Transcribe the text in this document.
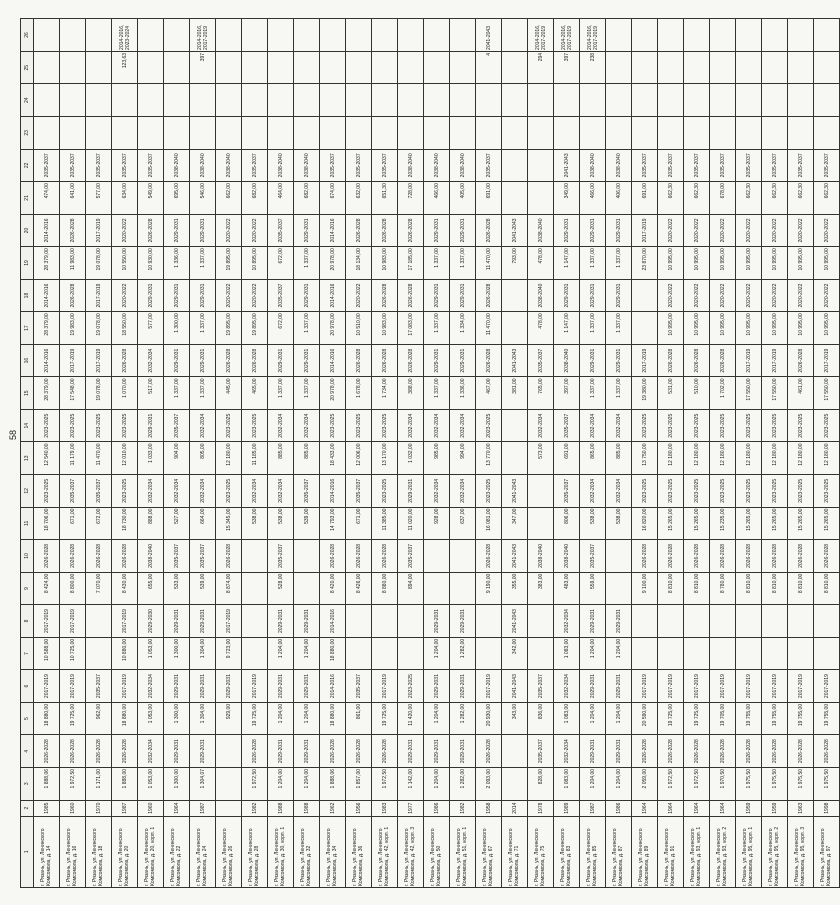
58
1	2	3	4	5	6	7	8	9	10	11	12	13	14	15	16	17	18	19	20	21	22	23	24	25	26
г. Рязань, ул. Ленинского Комсомола, д. 14	1985	1 888,06	2026-2028	18 880,00	2017-2019	10 588,00	2017-2019	8 424,00	2026-2028	18 706,00	2023-2025	12 540,00	2023-2025	28 379,00	2014-2016	28 379,00	2014-2016	28 379,00	2014-2016	474,00	2035-2037				
г. Рязань, ул. Ленинского Комсомола, д. 16	1960	1 972,50	2026-2028	19 725,00	2017-2019	10 725,00	2017-2019	8 800,00	2026-2028	671,00	2035-2037	11 179,00	2023-2025	17 548,00	2017-2019	19 983,00	2026-2028	11 983,00	2026-2028	641,00	2035-2037				
г. Рязань, ул. Ленинского Комсомола, д. 18	1970	1 171,00	2026-2028	962,00	2035-2037			7 070,00	2026-2028	672,00	2035-2037	11 470,00	2023-2025	19 078,00	2017-2019	19 078,00	2017-2019	19 078,00	2017-2019	577,00	2035-2037				
г. Рязань, ул. Ленинского Комсомола, д. 20	1987	1 888,00	2026-2028	18 880,00	2017-2019	10 880,00	2017-2019	8 430,00	2026-2028	18 730,00	2023-2025	12 010,00	2023-2025	1 070,00	2026-2028	18 550,00	2020-2022	10 550,00	2020-2022	634,00	2035-2037			123,63	2014-2016, 2023-2024
г. Рязань, ул. Ленинского Комсомола, д. 20, корп. 1	1960	1 053,00	2032-2034	1 053,00	2032-2034	1 053,00	2029-2030	655,00	2038-2040	888,00	2032-2034	1 033,00	2029-2031	517,00	2032-2034	577,00	2029-2031	10 930,00	2026-2028	549,00	2035-2037				
г. Рязань, ул. Ленинского Комсомола, д. 22	1964	1 300,00	2029-2031	1 300,00	2029-2031	1 300,00	2029-2031	533,00	2035-2037	527,00	2032-2034	904,00	2035-2037	1 337,00	2029-2031	1 300,00	2029-2031	1 336,00	2029-2031	695,00	2038-2040				
г. Рязань, ул. Ленинского Комсомола, д. 24	1987	1 304,07	2029-2031	1 304,00	2029-2031	1 304,00	2029-2031	539,00	2035-2037	664,00	2032-2034	805,00	2032-2034	1 337,00	2029-2031	1 337,00	2029-2031	1 337,00	2029-2031	546,00	2038-2040			397	2014-2016, 2017-2019
г. Рязань, ул. Ленинского Комсомола, д. 26				929,00	2029-2031	9 723,00	2017-2019	8 874,00	2026-2028	15 345,00	2023-2025	12 180,00	2023-2025	445,00	2026-2028	19 895,00	2020-2022	19 895,00	2020-2022	662,00	2038-2040				
г. Рязань, ул. Ленинского Комсомола, д. 28	1982	1 972,50	2026-2028	19 725,00	2017-2019					538,00	2032-2034	11 185,00	2023-2025	465,00	2026-2028	19 895,00	2020-2022	10 895,00	2020-2022	682,00	2035-2037				
г. Рязань, ул. Ленинского Комсомола, д. 30, корп. 1	1988	1 204,00	2029-2031	1 204,00	2029-2031	1 204,00	2029-2031	528,00	2035-2037	538,00	2032-2034	885,00	2032-2034	1 337,00	2029-2031	672,00	2035-2037	672,00	2035-2037	464,00	2038-2040				
г. Рязань, ул. Ленинского Комсомола, д. 32	1988	1 204,00	2029-2031	1 204,00	2029-2031	1 204,00	2029-2031			539,00	2035-2037	885,00	2032-2034	1 337,00	2029-2031	1 337,00	2029-2031	1 337,00	2029-2031	682,00	2038-2040				
г. Рязань, ул. Ленинского Комсомола, д. 34	1962	1 888,06	2026-2028	18 880,00	2014-2016	18 880,00	2014-2016	8 420,00	2026-2028	14 793,00	2014-2016	18 433,00	2023-2025	20 978,00	2014-2016	20 978,00	2014-2016	20 978,00	2014-2016	674,00	2035-2037				
г. Рязань, ул. Ленинского Комсомола, д. 36	1956	1 857,00	2026-2028	861,00	2035-2037			8 426,00	2026-2028	671,00	2035-2037	12 006,00	2023-2025	1 678,00	2026-2028	10 510,00	2020-2022	18 134,00	2026-2028	632,00	2035-2037				
г. Рязань, ул. Ленинского Комсомола, д. 42, корп. 1	1983	1 972,50	2026-2028	19 725,00	2017-2019			8 880,00	2026-2028	11 385,00	2023-2025	13 170,00	2023-2025	1 734,00	2026-2028	10 983,00	2026-2028	10 983,00	2026-2028	651,30	2035-2037				
г. Рязань, ул. Ленинского Комсомола, д. 42, корп. 3	1977	1 142,00	2029-2031	11 420,00	2023-2025			894,00	2035-2037	11 020,00	2029-2031	1 032,00	2032-2034	388,00	2026-2028	17 083,00	2026-2028	17 185,00	2026-2028	728,00	2038-2040				
г. Рязань, ул. Ленинского Комсомола, д. 50	1986	1 204,00	2029-2031	1 204,00	2029-2031	1 204,00	2029-2031			928,00	2032-2034	985,00	2032-2034	1 337,00	2029-2031	1 337,00	2029-2031	1 337,00	2029-2031	466,00	2038-2040				
г. Рязань, ул. Ленинского Комсомола, д. 51, корп. 1	1982	1 282,00	2029-2031	1 282,00	2029-2031	1 282,00	2029-2031			637,00	2032-2034	994,00	2032-2034	1 336,00	2029-2031	1 334,00	2029-2031	1 337,00	2029-2031	405,00	2038-2040				
г. Рязань, ул. Ленинского Комсомола, д. 67	1958	2 093,00	2026-2028	20 930,00	2017-2019			9 190,00	2026-2028	16 081,00	2023-2025	13 770,00	2023-2025	467,00	2026-2028	11 470,00	2026-2028	11 470,00	2026-2028	691,00	2035-2037			4	2041-2043
г. Рязань, ул. Ленинского Комсомола, д. 71	2014			343,00	2041-2043	342,00	2041-2043	355,00	2041-2043	347,00	2041-2043			381,00	2041-2043			793,00	2041-2043						
г. Рязань, ул. Ленинского Комсомола, д. 75	1978	828,00	2035-2037	836,00	2035-2037			383,00	2038-2040			573,00	2032-2034	765,00	2035-2037	478,00	2038-2040	478,00	2038-2040					294	2014-2016, 2017-2019
г. Рязань, ул. Ленинского Комсомола, д. 83	1989	1 083,00	2032-2034	1 083,00	2032-2034	1 083,00	2032-2034	483,00	2038-2040	806,00	2035-2037	691,00	2035-2037	397,00	2038-2040	1 147,00	2029-2031	1 147,00	2029-2031	349,00	2041-2043			397	2014-2016, 2017-2019
г. Рязань, ул. Ленинского Комсомола, д. 85	1987	1 204,00	2029-2031	1 204,00	2029-2031	1 204,00	2029-2031	559,00	2035-2037	538,00	2032-2034	865,00	2032-2034	1 337,00	2029-2031	1 337,00	2029-2031	1 337,00	2029-2031	466,00	2038-2040			238	2014-2016, 2017-2019
г. Рязань, ул. Ленинского Комсомола, д. 87	1986	1 204,00	2029-2031	1 204,00	2029-2031	1 204,00	2029-2031			538,00	2032-2034	885,00	2032-2034	1 337,00	2029-2031	1 337,00	2029-2031	1 337,00	2029-2031	406,00	2038-2040				
г. Рязань, ул. Ленинского Комсомола, д. 89	1964	2 059,00	2026-2028	20 590,00	2017-2019			9 100,00	2026-2028	16 820,00	2023-2025	13 750,00	2023-2025	19 380,00	2017-2019			23 870,00	2017-2019	691,00	2035-2037				
г. Рязань, ул. Ленинского Комсомола, д. 91	1964	1 972,50	2026-2028	19 725,00	2017-2019			8 810,00	2026-2028	15 265,00	2023-2025	12 180,00	2023-2025	531,00	2026-2028	10 995,00	2020-2022	10 995,00	2020-2022	662,30	2035-2037				
г. Рязань, ул. Ленинского Комсомола, д. 93, корп. 1	1964	1 972,50	2026-2028	19 725,00	2017-2019			8 810,00	2026-2028	15 265,00	2023-2025	12 180,00	2023-2025	510,00	2026-2028	10 995,00	2020-2022	10 995,00	2020-2022	662,30	2035-2037				
г. Рязань, ул. Ленинского Комсомола, д. 93, корп. 2	1964	1 970,50	2026-2028	19 705,00	2017-2019			8 780,00	2026-2028	15 235,00	2023-2025	12 180,00	2023-2025	1 702,00	2026-2028	10 995,00	2020-2022	10 995,00	2020-2022	678,00	2035-2037				
г. Рязань, ул. Ленинского Комсомола, д. 95, корп. 1	1959	1 975,50	2026-2028	19 755,00	2017-2019			8 810,00	2026-2028	15 265,00	2023-2025	12 180,00	2023-2025	17 550,00	2017-2019	10 995,00	2020-2022	10 995,00	2020-2022	662,30	2035-2037				
г. Рязань, ул. Ленинского Комсомола, д. 95, корп. 2	1959	1 975,50	2026-2028	19 755,00	2017-2019			8 810,00	2026-2028	15 265,00	2023-2025	12 180,00	2023-2025	17 550,00	2017-2019	10 995,00	2020-2022	10 995,00	2020-2022	662,30	2035-2037				
г. Рязань, ул. Ленинского Комсомола, д. 95, корп. 3	1963	1 975,50	2026-2028	19 755,00	2017-2019			8 810,00	2026-2028	15 265,00	2023-2025	12 180,00	2023-2025	461,00	2026-2028	10 995,00	2020-2022	10 995,00	2020-2022	662,30	2035-2037				
г. Рязань, ул. Ленинского Комсомола, д. 97	1998	1 975,50	2026-2028	19 755,00	2017-2019			8 810,00	2026-2028	15 265,00	2023-2025	12 180,00	2023-2025	17 550,00	2017-2019	10 995,00	2020-2022	10 995,00	2020-2022	662,30	2035-2037				
